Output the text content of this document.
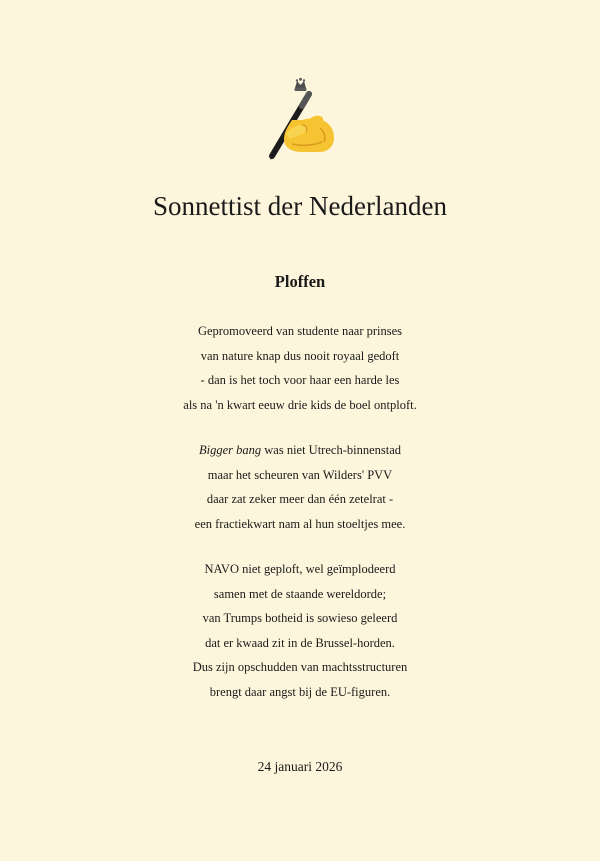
Sonnettist der Nederlanden
Ploffen
Gepromoveerd van studente naar prinses
van nature knap dus nooit royaal gedoft
- dan is het toch voor haar een harde les
als na 'n kwart eeuw drie kids de boel ontploft.
Bigger bang was niet Utrech-binnenstad
maar het scheuren van Wilders' PVV
daar zat zeker meer dan één zetelrat -
een fractiekwart nam al hun stoeltjes mee.
NAVO niet geploft, wel geïmplodeerd
samen met de staande wereldorde;
van Trumps botheid is sowieso geleerd
dat er kwaad zit in de Brussel-horden.
Dus zijn opschudden van machtsstructuren
brengt daar angst bij de EU-figuren.
24 januari 2026
